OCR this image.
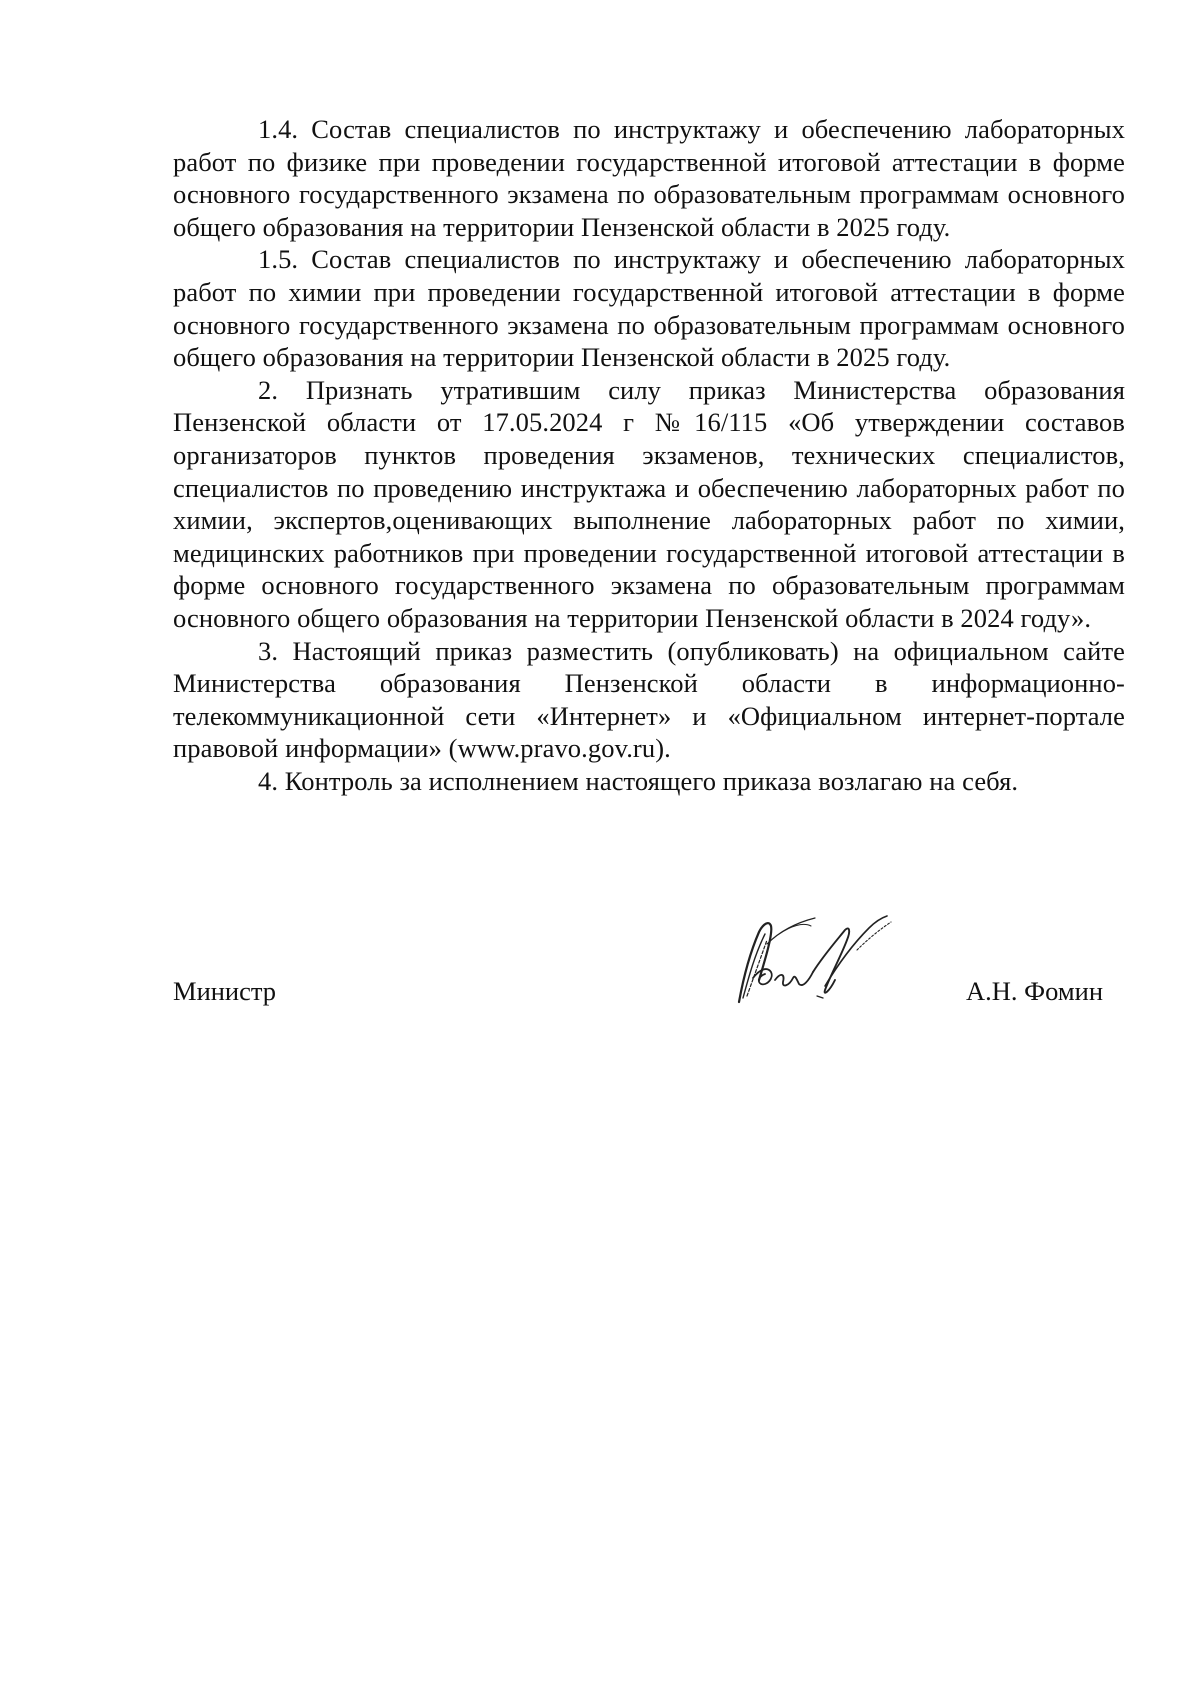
1.4. Состав специалистов по инструктажу и обеспечению лабораторных работ по физике при проведении государственной итоговой аттестации в форме основного государственного экзамена по образовательным программам основного общего образования на территории Пензенской области в 2025 году.

1.5. Состав специалистов по инструктажу и обеспечению лабораторных работ по химии при проведении государственной итоговой аттестации в форме основного государственного экзамена по образовательным программам основного общего образования на территории Пензенской области в 2025 году.

2. Признать утратившим силу приказ Министерства образования Пензенской области от 17.05.2024 г №16/115 «Об утверждении составов организаторов пунктов проведения экзаменов, технических специалистов, специалистов по проведению инструктажа и обеспечению лабораторных работ по химии, экспертов,оценивающих выполнение лабораторных работ по химии, медицинских работников при проведении государственной итоговой аттестации в форме основного государственного экзамена по образовательным программам основного общего образования на территории Пензенской области в 2024 году».

3. Настоящий приказ разместить (опубликовать) на официальном сайте Министерства образования Пензенской области в информационно-телекоммуникационной сети «Интернет» и «Официальном интернет-портале правовой информации» (www.pravo.gov.ru).

4. Контроль за исполнением настоящего приказа возлагаю на себя.

Министр	А.Н. Фомин
